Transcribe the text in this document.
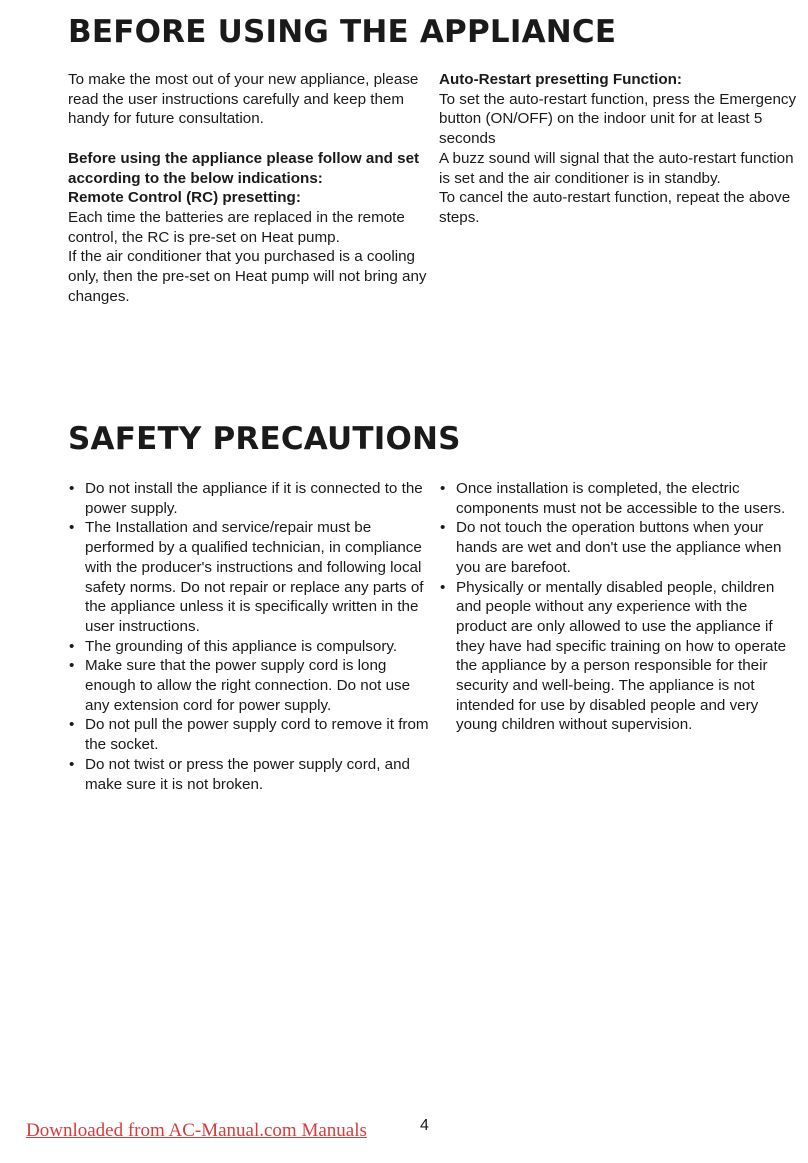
BEFORE USING THE APPLIANCE

To make the most out of your new appliance, please read the user instructions carefully and keep them handy for future consultation.

Before using the appliance please follow and set according to the below indications:

Remote Control (RC) presetting:

Each time the batteries are replaced in the remote control, the RC is pre-set on Heat pump.

If the air conditioner that you purchased is a cooling only, then the pre-set on Heat pump will not bring any changes.

Auto-Restart presetting Function:

To set the auto-restart function, press the Emergency button (ON/OFF) on the indoor unit for at least 5 seconds

A buzz sound will signal that the auto-restart function is set and the air conditioner is in standby.

To cancel the auto-restart function, repeat the above steps.

SAFETY PRECAUTIONS
• Do not install the appliance if it is connected to the power supply.
• The Installation and service/repair must be performed by a qualified technician, in compliance with the producer's instructions and following local safety norms. Do not repair or replace any parts of the appliance unless it is specifically written in the user instructions.
• The grounding of this appliance is compulsory.
• Make sure that the power supply cord is long enough to allow the right connection. Do not use any extension cord for power supply.
• Do not pull the power supply cord to remove it from the socket.
• Do not twist or press the power supply cord, and make sure it is not broken.
• Once installation is completed, the electric components must not be accessible to the users.
• Do not touch the operation buttons when your hands are wet and don't use the appliance when you are barefoot.
• Physically or mentally disabled people, children and people without any experience with the product are only allowed to use the appliance if they have had specific training on how to operate the appliance by a person responsible for their security and well-being. The appliance is not intended for use by disabled people and very young children without supervision.
Downloaded from AC-Manual.com Manuals	4
